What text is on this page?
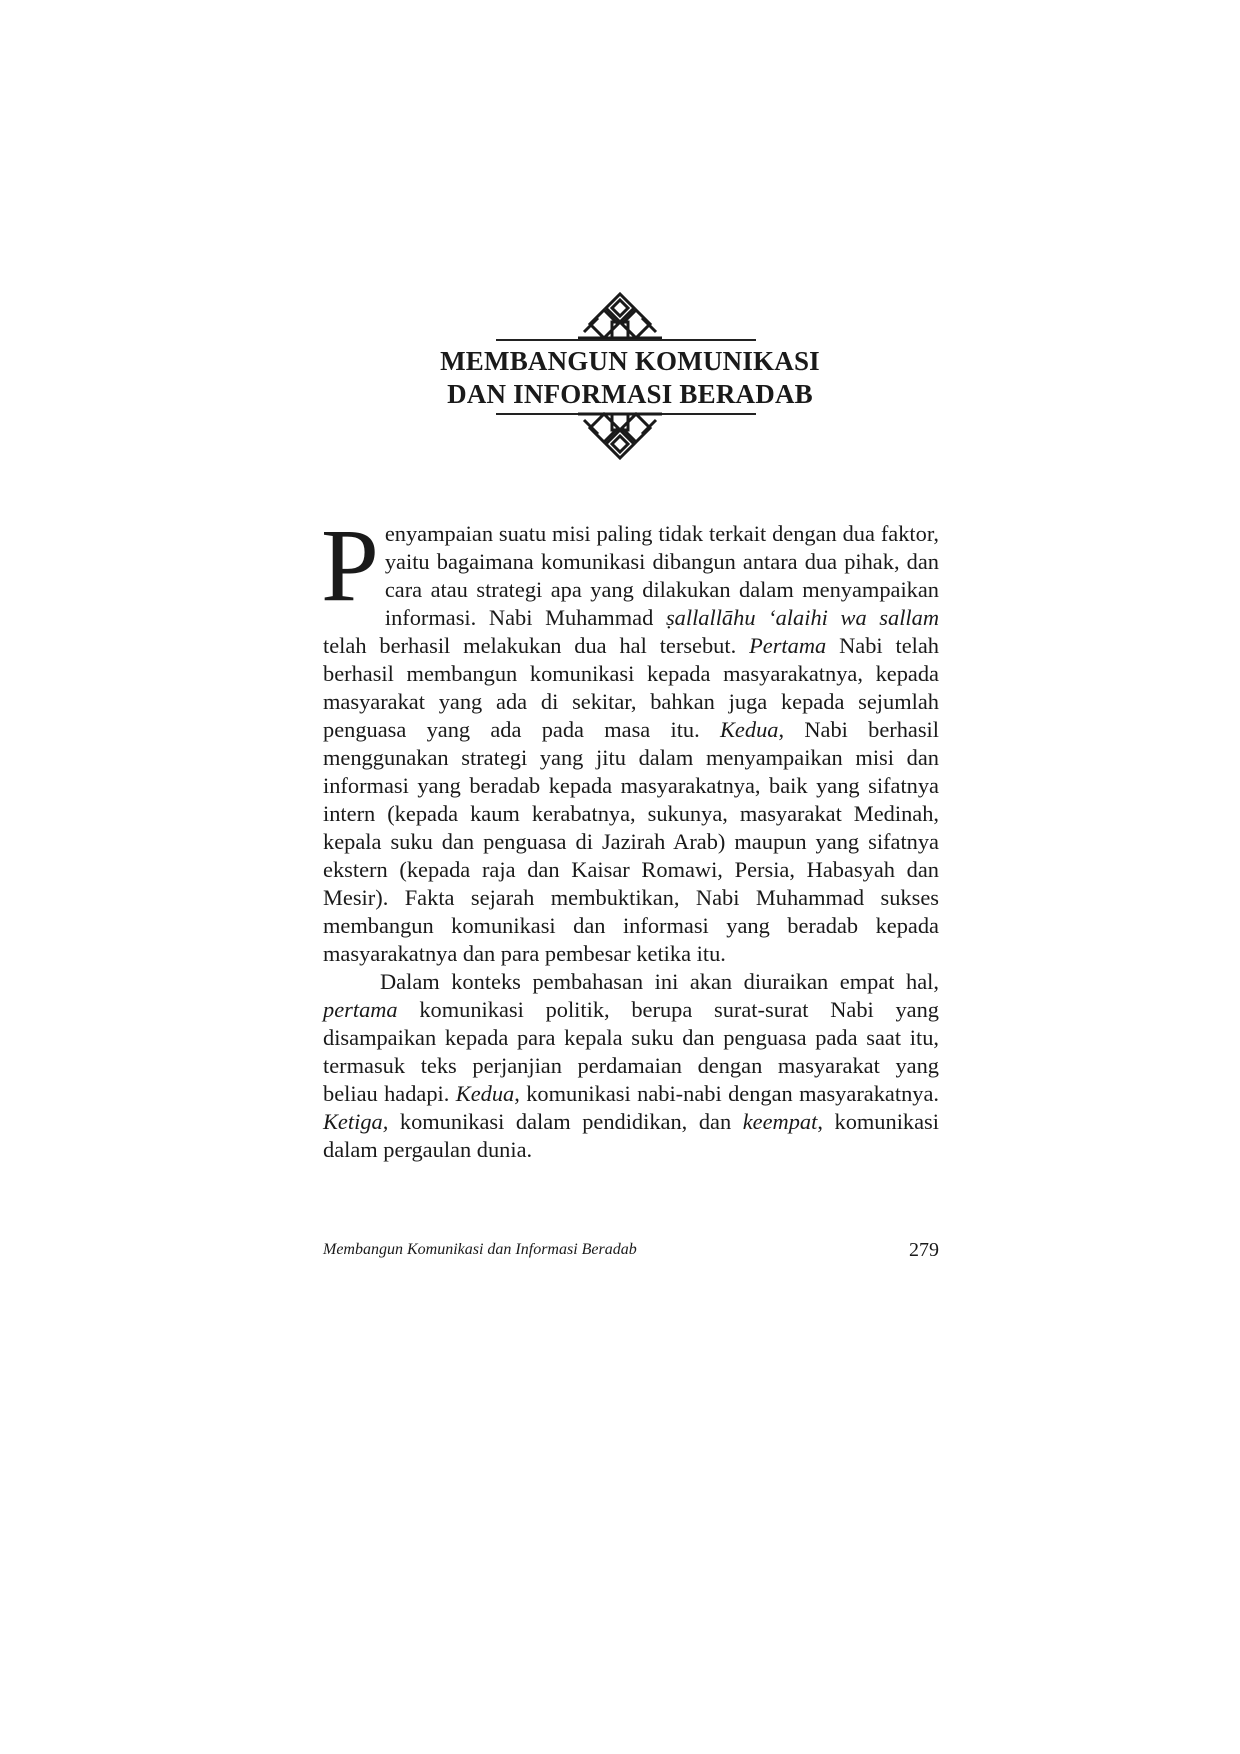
MEMBANGUN KOMUNIKASI
DAN INFORMASI BERADAB

P enyampaian suatu misi paling tidak terkait dengan dua faktor, yaitu bagaimana komunikasi dibangun antara dua pihak, dan cara atau strategi apa yang dilakukan dalam menyampaikan informasi. Nabi Muhammad ṣallallāhu ‘alaihi wa sallam telah berhasil melakukan dua hal tersebut. Pertama Nabi telah berhasil membangun komunikasi kepada masyarakatnya, kepada masyarakat yang ada di sekitar, bahkan juga kepada sejumlah penguasa yang ada pada masa itu. Kedua, Nabi berhasil menggunakan strategi yang jitu dalam menyampaikan misi dan informasi yang beradab kepada masyarakatnya, baik yang sifatnya intern (kepada kaum kerabatnya, sukunya, masyarakat Medinah, kepala suku dan penguasa di Jazirah Arab) maupun yang sifatnya ekstern (kepada raja dan Kaisar Romawi, Persia, Habasyah dan Mesir). Fakta sejarah membuktikan, Nabi Muhammad sukses membangun komunikasi dan informasi yang beradab kepada masyarakatnya dan para pembesar ketika itu.

Dalam konteks pembahasan ini akan diuraikan empat hal, pertama komunikasi politik, berupa surat-surat Nabi yang disampaikan kepada para kepala suku dan penguasa pada saat itu, termasuk teks perjanjian perdamaian dengan masyarakat yang beliau hadapi. Kedua, komunikasi nabi-nabi dengan masyarakatnya. Ketiga, komunikasi dalam pendidikan, dan keempat, komunikasi dalam pergaulan dunia.

Membangun Komunikasi dan Informasi Beradab	279
